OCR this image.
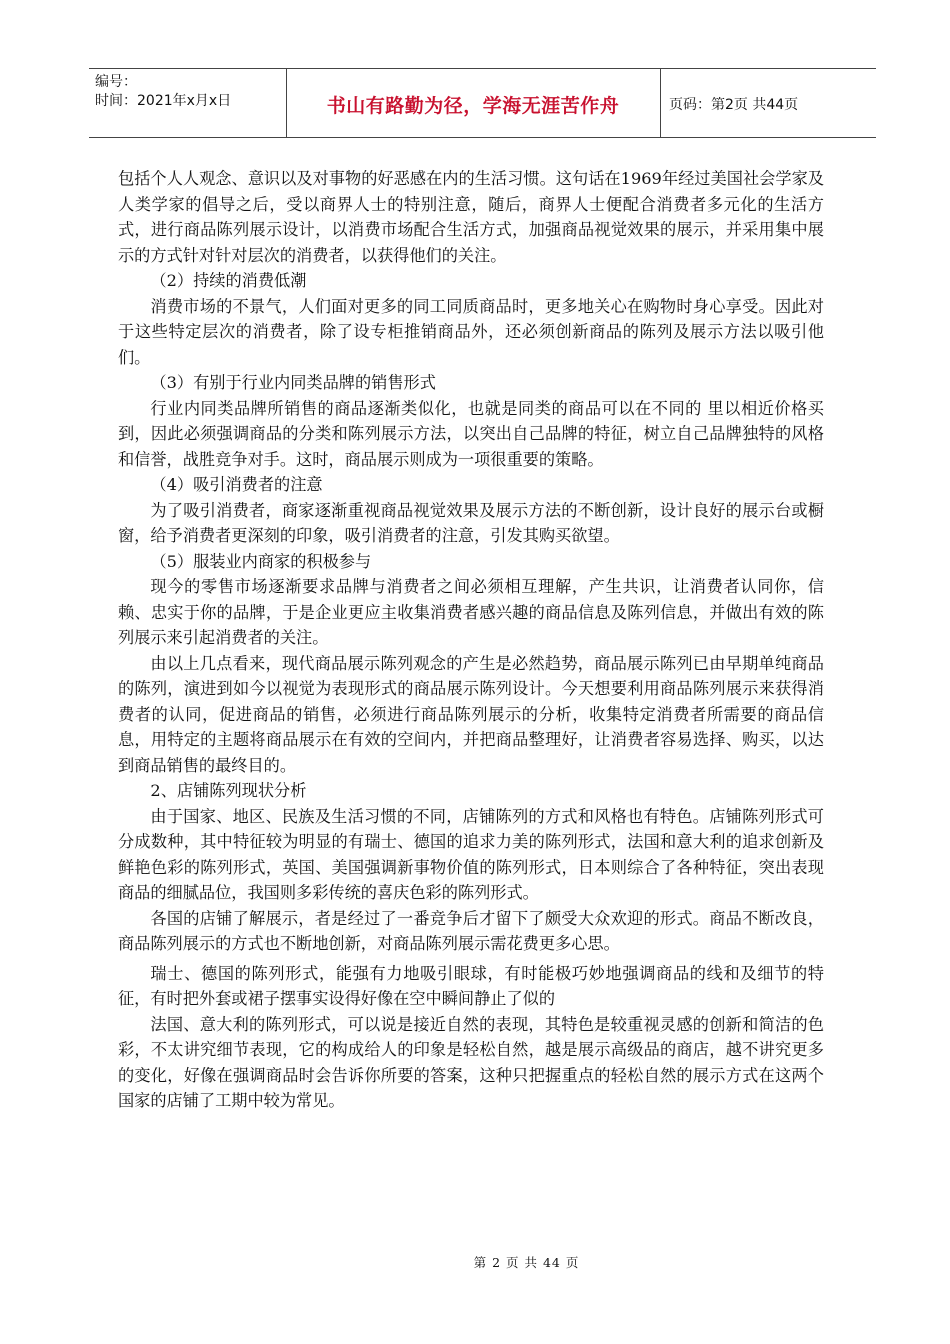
编号：
时间：2021年x月x日	书山有路勤为径，学海无涯苦作舟	页码：第2页 共44页

包括个人人观念、意识以及对事物的好恶感在内的生活习惯。这句话在1969年经过美国社会学家及人类学家的倡导之后，受以商界人士的特别注意，随后，商界人士便配合消费者多元化的生活方式，进行商品陈列展示设计，以消费市场配合生活方式，加强商品视觉效果的展示，并采用集中展示的方式针对针对层次的消费者，以获得他们的关注。

（2）持续的消费低潮

消费市场的不景气，人们面对更多的同工同质商品时，更多地关心在购物时身心享受。因此对于这些特定层次的消费者，除了设专柜推销商品外，还必须创新商品的陈列及展示方法以吸引他们。

（3）有别于行业内同类品牌的销售形式

行业内同类品牌所销售的商品逐渐类似化，也就是同类的商品可以在不同的 里以相近价格买到，因此必须强调商品的分类和陈列展示方法，以突出自己品牌的特征，树立自己品牌独特的风格和信誉，战胜竞争对手。这时，商品展示则成为一项很重要的策略。

（4）吸引消费者的注意

为了吸引消费者，商家逐渐重视商品视觉效果及展示方法的不断创新，设计良好的展示台或橱窗，给予消费者更深刻的印象，吸引消费者的注意，引发其购买欲望。

（5）服装业内商家的积极参与

现今的零售市场逐渐要求品牌与消费者之间必须相互理解，产生共识，让消费者认同你，信赖、忠实于你的品牌，于是企业更应主收集消费者感兴趣的商品信息及陈列信息，并做出有效的陈列展示来引起消费者的关注。

由以上几点看来，现代商品展示陈列观念的产生是必然趋势，商品展示陈列已由早期单纯商品的陈列，演进到如今以视觉为表现形式的商品展示陈列设计。今天想要利用商品陈列展示来获得消费者的认同，促进商品的销售，必须进行商品陈列展示的分析，收集特定消费者所需要的商品信息，用特定的主题将商品展示在有效的空间内，并把商品整理好，让消费者容易选择、购买，以达到商品销售的最终目的。

2、店铺陈列现状分析

由于国家、地区、民族及生活习惯的不同，店铺陈列的方式和风格也有特色。店铺陈列形式可分成数种，其中特征较为明显的有瑞士、德国的追求力美的陈列形式，法国和意大利的追求创新及鲜艳色彩的陈列形式，英国、美国强调新事物价值的陈列形式，日本则综合了各种特征，突出表现商品的细腻品位，我国则多彩传统的喜庆色彩的陈列形式。

各国的店铺了解展示，者是经过了一番竞争后才留下了颇受大众欢迎的形式。商品不断改良，商品陈列展示的方式也不断地创新，对商品陈列展示需花费更多心思。

瑞士、德国的陈列形式，能强有力地吸引眼球，有时能极巧妙地强调商品的线和及细节的特征，有时把外套或裙子摆事实设得好像在空中瞬间静止了似的

法国、意大利的陈列形式，可以说是接近自然的表现，其特色是较重视灵感的创新和简洁的色彩，不太讲究细节表现，它的构成给人的印象是轻松自然，越是展示高级品的商店，越不讲究更多的变化，好像在强调商品时会告诉你所要的答案，这种只把握重点的轻松自然的展示方式在这两个国家的店铺了工期中较为常见。

第 2 页 共 44 页
